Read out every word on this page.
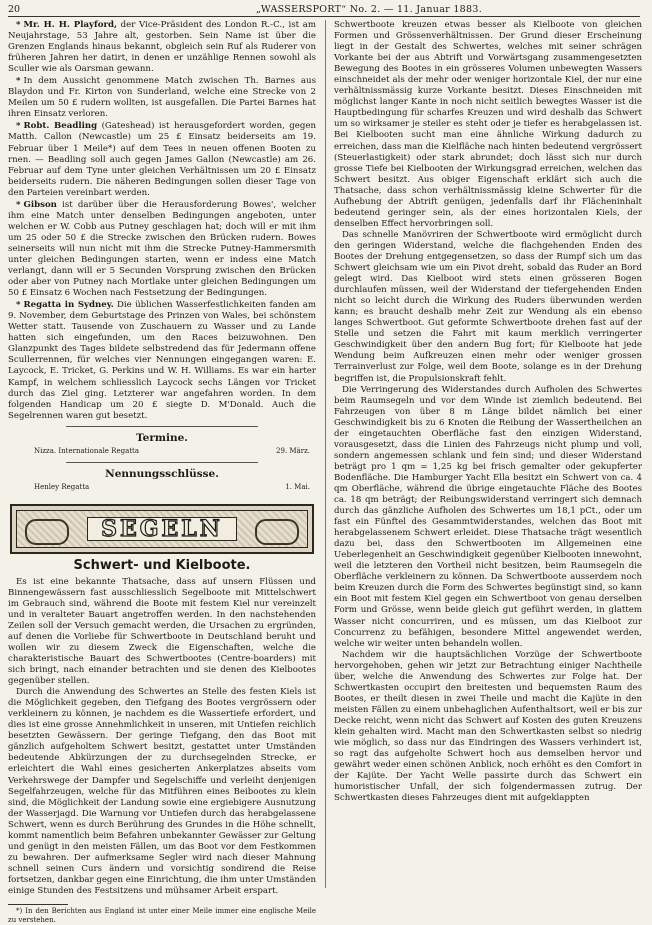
20	„WASSERSPORT“ No. 2. — 11. Januar 1883.

* Mr. H. H. Playford, der Vice-Präsident des London R.-C., ist am Neujahrstage, 53 Jahre alt, gestorben. Sein Name ist über die Grenzen Englands hinaus bekannt, obgleich sein Ruf als Ruderer von früheren Jahren her datirt, in denen er unzählige Rennen sowohl als Sculler wie als Oarsman gewann.

* In dem Aussicht genommene Match zwischen Th. Barnes aus Blaydon und Fr. Kirton von Sunderland, welche eine Strecke von 2 Meilen um 50 £ rudern wollten, ist ausgefallen. Die Partei Barnes hat ihren Einsatz verloren.

* Robt. Beadling (Gateshead) ist herausgefordert worden, gegen Matth. Callon (Newcastle) um 25 £ Einsatz beiderseits am 19. Februar über 1 Meile*) auf dem Tees in neuen offenen Booten zu rnen. — Beadling soll auch gegen James Gallon (Newcastle) am 26. Februar auf dem Tyne unter gleichen Verhältnissen um 20 £ Einsatz beiderseits rudern. Die näheren Bedingungen sollen dieser Tage von den Parteien vereinbart werden.

* Gibson ist darüber über die Herausforderung Bowes', welcher ihm eine Match unter denselben Bedingungen angeboten, unter welchen er W. Cobb aus Putney geschlagen hat; doch will er mit ihm um 25 oder 50 £ die Strecke zwischen den Brücken rudern. Bowes seinerseits will nun nicht mit ihm die Strecke Putney-Hammersmith unter gleichen Bedingungen starten, wenn er indess eine Match verlangt, dann will er 5 Secunden Vorsprung zwischen den Brücken oder aber von Putney nach Mortlake unter gleichen Bedingungen um 50 £ Einsatz 6 Wochen nach Festsetzung der Bedingungen.

* Regatta in Sydney. Die üblichen Wasserfestlichkeiten fanden am 9. November, dem Geburtstage des Prinzen von Wales, bei schönstem Wetter statt. Tausende von Zuschauern zu Wasser und zu Lande hatten sich eingefunden, um den Races beizuwohnen. Den Glanzpunkt des Tages bildete selbstredend das für Jedermann offene Scullerrennen, für welches vier Nennungen eingegangen waren: E. Laycock, E. Tricket, G. Perkins und W. H. Williams. Es war ein harter Kampf, in welchem schliesslich Laycock sechs Längen vor Tricket durch das Ziel ging. Letzterer war angefahren worden. In dem folgenden Handicap um 20 £ siegte D. M'Donald. Auch die Segelrennen waren gut besetzt.

Termine.
Nizza. Internationale Regatta	29. März.
Nennungsschlüsse.
Henley Regatta	1. Mai.
SEGELN
Schwert- und Kielboote.

Es ist eine bekannte Thatsache, dass auf unsern Flüssen und Binnengewässern fast ausschliesslich Segelboote mit Mittelschwert im Gebrauch sind, während die Boote mit festem Kiel nur vereinzelt und in veralteter Bauart angetroffen werden. In den nachstehenden Zeilen soll der Versuch gemacht werden, die Ursachen zu ergründen, auf denen die Vorliebe für Schwertboote in Deutschland beruht und wollen wir zu diesem Zweck die Eigenschaften, welche die charakteristische Bauart des Schwertbootes (Centre-boarders) mit sich bringt, nach einander betrachten und sie denen des Kielbootes gegenüber stellen.

Durch die Anwendung des Schwertes an Stelle des festen Kiels ist die Möglichkeit gegeben, den Tiefgang des Bootes vergrössern oder verkleinern zu können, je nachdem es die Wassertiefe erfordert, und dies ist eine grosse Annehmlichkeit in unseren, mit Untiefen reichlich besetzten Gewässern. Der geringe Tiefgang, den das Boot mit gänzlich aufgeholtem Schwert besitzt, gestattet unter Umständen bedeutende Abkürzungen der zu durchsegelnden Strecke, er erleichtert die Wahl eines gesicherten Ankerplatzes abseits vom Verkehrswege der Dampfer und Segelschiffe und verleiht denjenigen Segelfahrzeugen, welche für das Mitführen eines Beibootes zu klein sind, die Möglichkeit der Landung sowie eine ergiebigere Ausnutzung der Wasserjagd. Die Warnung vor Untiefen durch das herabgelassene Schwert, wenn es durch Berührung des Grundes in die Höhe schnellt, kommt namentlich beim Befahren unbekannter Gewässer zur Geltung und genügt in den meisten Fällen, um das Boot vor dem Festkommen zu bewahren. Der aufmerksame Segler wird nach dieser Mahnung schnell seinen Curs ändern und vorsichtig sondirend die Reise fortsetzen, dankbar gegen eine Einrichtung, die ihm unter Umständen einige Stunden des Festsitzens und mühsamer Arbeit erspart.

*) In den Berichten aus England ist unter einer Meile immer eine englische Meile zu verstehen.

Schwertboote kreuzen etwas besser als Kielboote von gleichen Formen und Grössenverhältnissen. Der Grund dieser Erscheinung liegt in der Gestalt des Schwertes, welches mit seiner schrägen Vorkante bei der aus Abtrift und Vorwärtsgang zusammengesetzten Bewegung des Bootes in ein grösseres Volumen unbewegten Wassers einschneidet als der mehr oder weniger horizontale Kiel, der nur eine verhältnissmässig kurze Vorkante besitzt. Dieses Einschneiden mit möglichst langer Kante in noch nicht seitlich bewegtes Wasser ist die Hauptbedingung für scharfes Kreuzen und wird deshalb das Schwert um so wirksamer je steiler es steht oder je tiefer es herabgelassen ist. Bei Kielbooten sucht man eine ähnliche Wirkung dadurch zu erreichen, dass man die Kielfläche nach hinten bedeutend vergrössert (Steuerlastigkeit) oder stark abrundet; doch lässt sich nur durch grosse Tiefe bei Kielbooten der Wirkungsgrad erreichen, welchen das Schwert besitzt. Aus obiger Eigenschaft erklärt sich auch die Thatsache, dass schon verhältnissmässig kleine Schwerter für die Aufhebung der Abtrift genügen, jedenfalls darf ihr Flächeninhalt bedeutend geringer sein, als der eines horizontalen Kiels, der denselben Effect hervorbringen soll.

Das schnelle Manövriren der Schwertboote wird ermöglicht durch den geringen Widerstand, welche die flachgehenden Enden des Bootes der Drehung entgegensetzen, so dass der Rumpf sich um das Schwert gleichsam wie um ein Pivot dreht, sobald das Ruder an Bord gelegt wird. Das Kielboot wird stets einen grösseren Bogen durchlaufen müssen, weil der Widerstand der tiefergehenden Enden nicht so leicht durch die Wirkung des Ruders überwunden werden kann; es braucht deshalb mehr Zeit zur Wendung als ein ebenso langes Schwertboot. Gut geformte Schwertboote drehen fast auf der Stelle und setzen die Fahrt mit kaum merklich verringerter Geschwindigkeit über den andern Bug fort; für Kielboote hat jede Wendung beim Aufkreuzen einen mehr oder weniger grossen Terrainverlust zur Folge, weil dem Boote, solange es in der Drehung begriffen ist, die Propulsionskraft fehlt.

Die Verringerung des Widerstandes durch Aufholen des Schwertes beim Raumsegeln und vor dem Winde ist ziemlich bedeutend. Bei Fahrzeugen von über 8 m Länge bildet nämlich bei einer Geschwindigkeit bis zu 6 Knoten die Reibung der Wassertheilchen an der eingetauchten Oberfläche fast den einzigen Widerstand, vorausgesetzt, dass die Linien des Fahrzeugs nicht plump und voll, sondern angemessen schlank und fein sind; und dieser Widerstand beträgt pro 1 qm = 1,25 kg bei frisch gemalter oder gekupferter Bodenfläche. Die Hamburger Yacht Ella besitzt ein Schwert von ca. 4 qm Oberfläche, während die übrige eingetauchte Fläche des Bootes ca. 18 qm beträgt; der Reibungswiderstand verringert sich demnach durch das gänzliche Aufholen des Schwertes um 18,1 pCt., oder um fast ein Fünftel des Gesammtwiderstandes, welchen das Boot mit herabgelassenem Schwert erleidet. Diese Thatsache trägt wesentlich dazu bei, dass den Schwertbooten im Allgemeinen eine Ueberlegenheit an Geschwindigkeit gegenüber Kielbooten innewohnt, weil die letzteren den Vortheil nicht besitzen, beim Raumsegeln die Oberfläche verkleinern zu können. Da Schwertboote ausserdem noch beim Kreuzen durch die Form des Schwertes begünstigt sind, so kann ein Boot mit festem Kiel gegen ein Schwertboot von genau derselben Form und Grösse, wenn beide gleich gut geführt werden, in glattem Wasser nicht concurriren, und es müssen, um das Kielboot zur Concurrenz zu befähigen, besondere Mittel angewendet werden, welche wir weiter unten behandeln wollen.

Nachdem wir die hauptsächlichen Vorzüge der Schwertboote hervorgehoben, gehen wir jetzt zur Betrachtung einiger Nachtheile über, welche die Anwendung des Schwertes zur Folge hat. Der Schwertkasten occupirt den breitesten und bequemsten Raum des Bootes, er theilt diesen in zwei Theile und macht die Kajüte in den meisten Fällen zu einem unbehaglichen Aufenthaltsort, weil er bis zur Decke reicht, wenn nicht das Schwert auf Kosten des guten Kreuzens klein gehalten wird. Macht man den Schwertkasten selbst so niedrig wie möglich, so dass nur das Eindringen des Wassers verhindert ist, so ragt das aufgeholte Schwert hoch aus demselben hervor und gewährt weder einen schönen Anblick, noch erhöht es den Comfort in der Kajüte. Der Yacht Welle passirte durch das Schwert ein humoristischer Unfall, der sich folgendermassen zutrug. Der Schwertkasten dieses Fahrzeuges dient mit aufgeklappten
